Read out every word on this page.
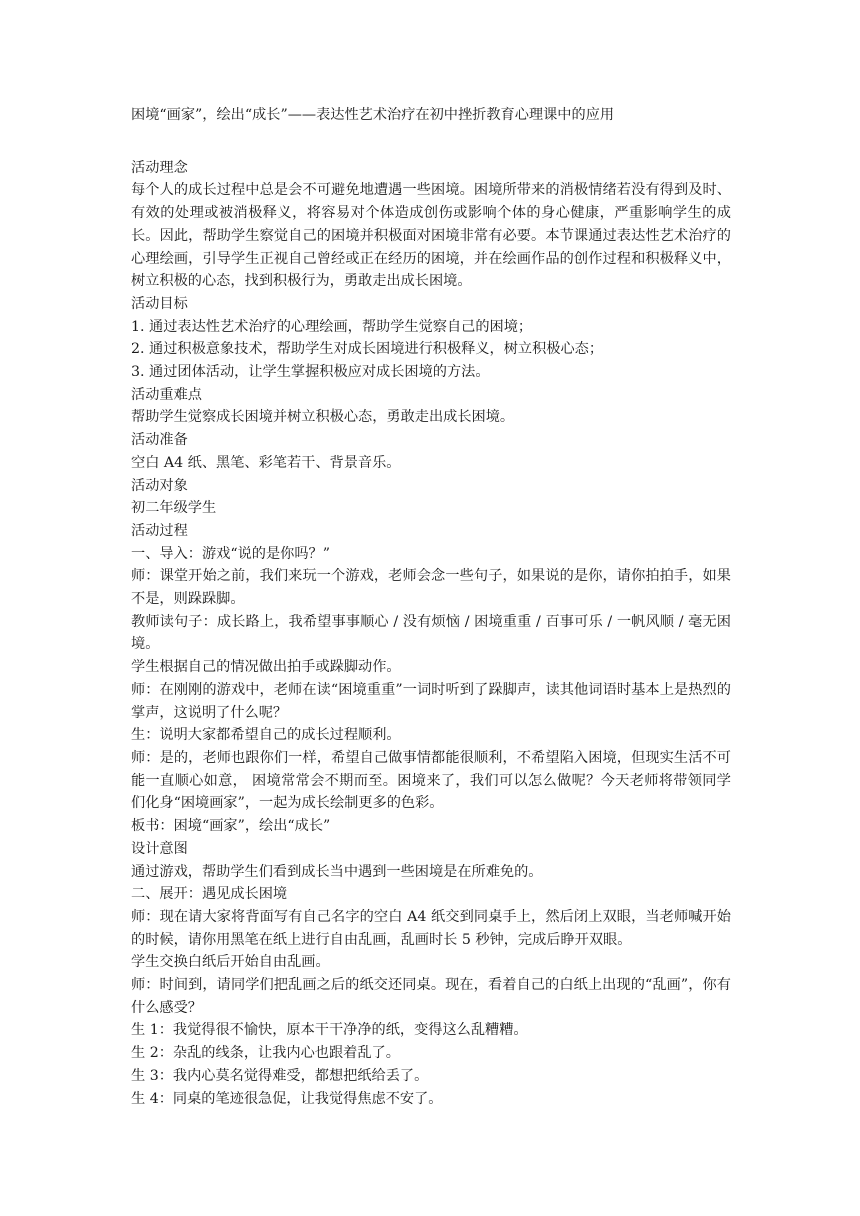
困境“画家”，绘出“成长”——表达性艺术治疗在初中挫折教育心理课中的应用

活动理念

每个人的成长过程中总是会不可避免地遭遇一些困境。困境所带来的消极情绪若没有得到及时、有效的处理或被消极释义，将容易对个体造成创伤或影响个体的身心健康，严重影响学生的成长。因此，帮助学生察觉自己的困境并积极面对困境非常有必要。本节课通过表达性艺术治疗的心理绘画，引导学生正视自己曾经或正在经历的困境，并在绘画作品的创作过程和积极释义中，树立积极的心态，找到积极行为，勇敢走出成长困境。

活动目标

1. 通过表达性艺术治疗的心理绘画，帮助学生觉察自己的困境；

2. 通过积极意象技术，帮助学生对成长困境进行积极释义，树立积极心态；

3. 通过团体活动，让学生掌握积极应对成长困境的方法。

活动重难点

帮助学生觉察成长困境并树立积极心态，勇敢走出成长困境。

活动准备

空白 A4 纸、黑笔、彩笔若干、背景音乐。

活动对象

初二年级学生

活动过程

一、导入：游戏“说的是你吗？”

师：课堂开始之前，我们来玩一个游戏，老师会念一些句子，如果说的是你，请你拍拍手，如果不是，则跺跺脚。

教师读句子：成长路上，我希望事事顺心 / 没有烦恼 / 困境重重 / 百事可乐 / 一帆风顺 / 毫无困境。

学生根据自己的情况做出拍手或跺脚动作。

师：在刚刚的游戏中，老师在读“困境重重”一词时听到了跺脚声，读其他词语时基本上是热烈的掌声，这说明了什么呢？

生：说明大家都希望自己的成长过程顺利。

师：是的，老师也跟你们一样，希望自己做事情都能很顺利，不希望陷入困境，但现实生活不可能一直顺心如意， 困境常常会不期而至。困境来了，我们可以怎么做呢？今天老师将带领同学们化身“困境画家”，一起为成长绘制更多的色彩。

板书：困境“画家”，绘出“成长”

设计意图

通过游戏，帮助学生们看到成长当中遇到一些困境是在所难免的。

二、展开：遇见成长困境

师：现在请大家将背面写有自己名字的空白 A4 纸交到同桌手上，然后闭上双眼，当老师喊开始的时候，请你用黑笔在纸上进行自由乱画，乱画时长 5 秒钟，完成后睁开双眼。

学生交换白纸后开始自由乱画。

师：时间到，请同学们把乱画之后的纸交还同桌。现在，看着自己的白纸上出现的“乱画”，你有什么感受？

生 1：我觉得很不愉快，原本干干净净的纸，变得这么乱糟糟。

生 2：杂乱的线条，让我内心也跟着乱了。

生 3：我内心莫名觉得难受，都想把纸给丢了。

生 4：同桌的笔迹很急促，让我觉得焦虑不安了。
